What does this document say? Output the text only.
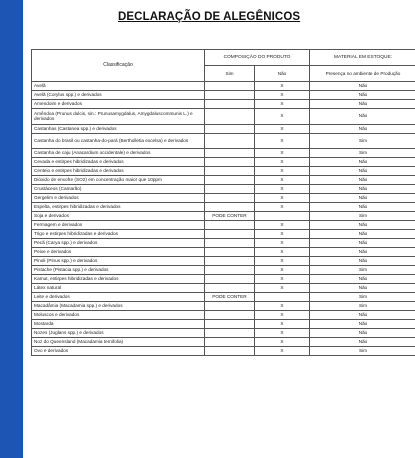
DECLARAÇÃO DE ALEGÊNICOS
Classificação	COMPOSIÇÃO DO PRODUTO		MATERIAL EM ESTOQUE:
	Sim	Não	Presença no ambiente de Produção
Avelã		X	Não
Avelã (Corylus spp.) e derivados		X	Não
Amendoim e derivados		X	Não
Amêndoa (Prunus dulcis, sin.: Prunusamygdalus, Amygdaluscommunis L.) e derivados		X	Não
Castanhas (Castanea spp.) e derivados		X	Não
Castanha do brasil ou castanha-do-pará (Bertholletia excelsa) e derivados		X	Sim
Castanha de caju (Anacardium occidentale) e derivados		X	Sim
Cevada e estirpes hibridizadas e derivados		X	Não
Centeio e estirpes hibridizadas e derivados		X	Não
Dióxido de enxofre (SO2) em concentração maior que 10ppm		X	Não
Crustáceos (Camarão)		X	Não
Gergelim e derivados		X	Não
Espelta, estirpes hibridizadas e derivados		X	Não
Soja e derivados	PODE CONTER		Sim
Fermagem e derivados		X	Não
Trigo e estirpes hibridizadas e derivados		X	Não
Pecã (Carya spp.) e derivados		X	Não
Peixe e derivados		X	Não
Pinoli (Pinus spp.) e derivados		X	Não
Pistache (Pistacia spp.) e derivados		X	Sim
Kamut, estirpes hibridizadas e derivados		X	Não
Látex natural		X	Não
Leite e derivados	PODE CONTER		Sim
Macadâmia (Macadamia spp.) e derivados		X	Sim
Moluscos e derivados		X	Não
Mostarda		X	Não
Nozes (Juglans spp.) e derivados		X	Não
Noz do Queensland (Macadamia ternifolia)		X	Não
Ovo e derivados		X	Sim
